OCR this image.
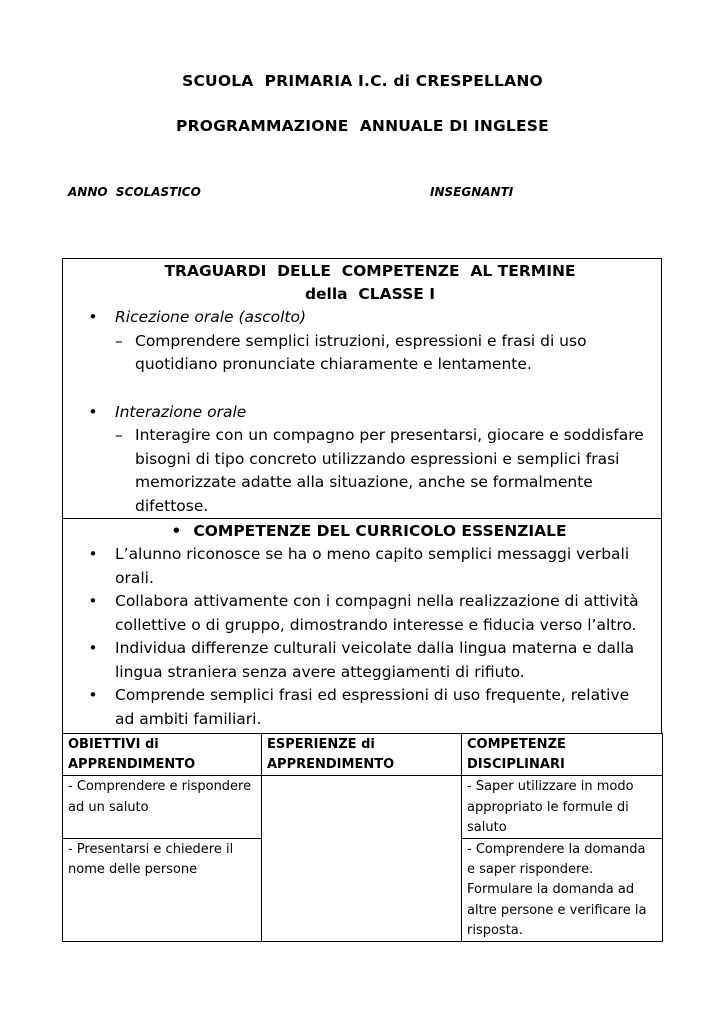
SCUOLA  PRIMARIA I.C. di CRESPELLANO
PROGRAMMAZIONE  ANNUALE DI INGLESE
ANNO  SCOLASTICO	INSEGNANTI
TRAGUARDI  DELLE  COMPETENZE  AL TERMINE
della  CLASSE I
• Ricezione orale (ascolto)
– Comprendere semplici istruzioni, espressioni e frasi di uso quotidiano pronunciate chiaramente e lentamente.
• Interazione orale
– Interagire con un compagno per presentarsi, giocare e soddisfare bisogni di tipo concreto utilizzando espressioni e semplici frasi memorizzate adatte alla situazione, anche se formalmente difettose.
• COMPETENZE DEL CURRICOLO ESSENZIALE
• L’alunno riconosce se ha o meno capito semplici messaggi verbali orali.
• Collabora attivamente con i compagni nella realizzazione di attività collettive o di gruppo, dimostrando interesse e fiducia verso l’altro.
• Individua differenze culturali veicolate dalla lingua materna e dalla lingua straniera senza avere atteggiamenti di rifiuto.
• Comprende semplici frasi ed espressioni di uso frequente, relative ad ambiti familiari.
OBIETTIVI di APPRENDIMENTO	ESPERIENZE di APPRENDIMENTO	COMPETENZE DISCIPLINARI
- Comprendere e rispondere ad un saluto		- Saper utilizzare in modo appropriato le formule di saluto
- Presentarsi e chiedere il nome delle persone		- Comprendere la domanda e saper rispondere. Formulare la domanda ad altre persone e verificare la risposta.
